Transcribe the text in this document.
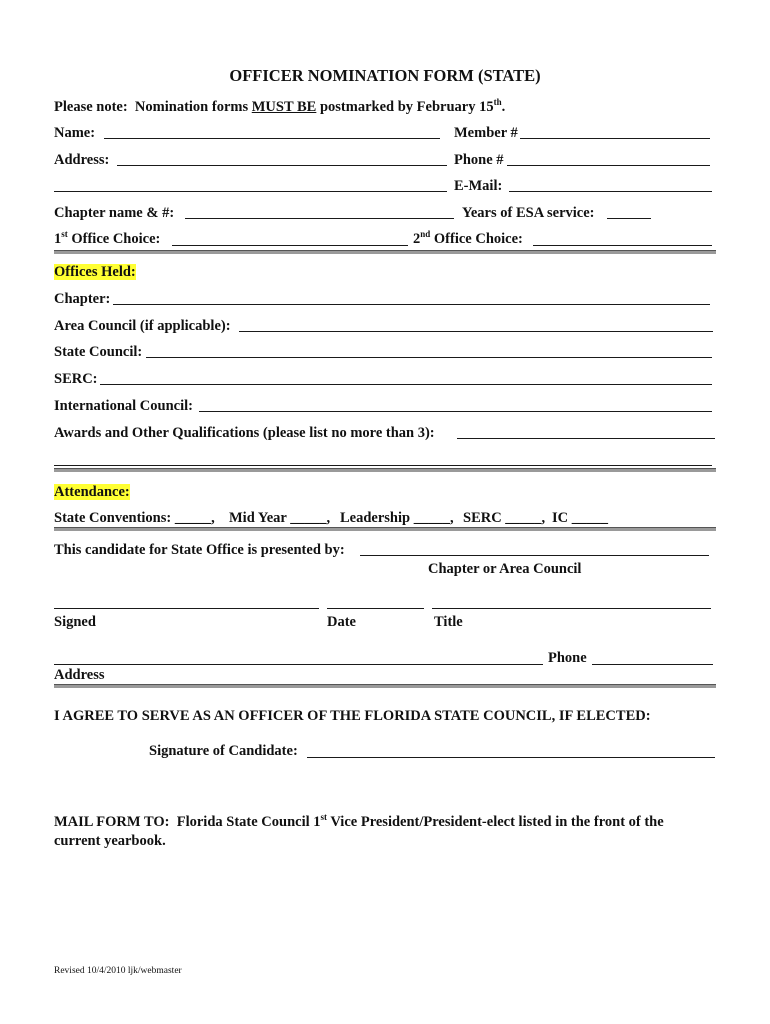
OFFICER NOMINATION FORM (STATE)
Please note:  Nomination forms MUST BE postmarked by February 15th.
Name:	Member #
Address:	Phone #
E-Mail:
Chapter name & #:	Years of ESA service:
1st Office Choice:	2nd Office Choice:
Offices Held:
Chapter:
Area Council (if applicable):
State Council:
SERC:
International Council:
Awards and Other Qualifications (please list no more than 3):
Attendance:
State Conventions: _____, Mid Year _____, Leadership _____, SERC _____, IC _____
This candidate for State Office is presented by:
Chapter or Area Council
Signed	Date	Title
Phone
Address
I AGREE TO SERVE AS AN OFFICER OF THE FLORIDA STATE COUNCIL, IF ELECTED:
Signature of Candidate:
MAIL FORM TO:  Florida State Council 1st Vice President/President-elect listed in the front of the
current yearbook.
Revised 10/4/2010 ljk/webmaster
